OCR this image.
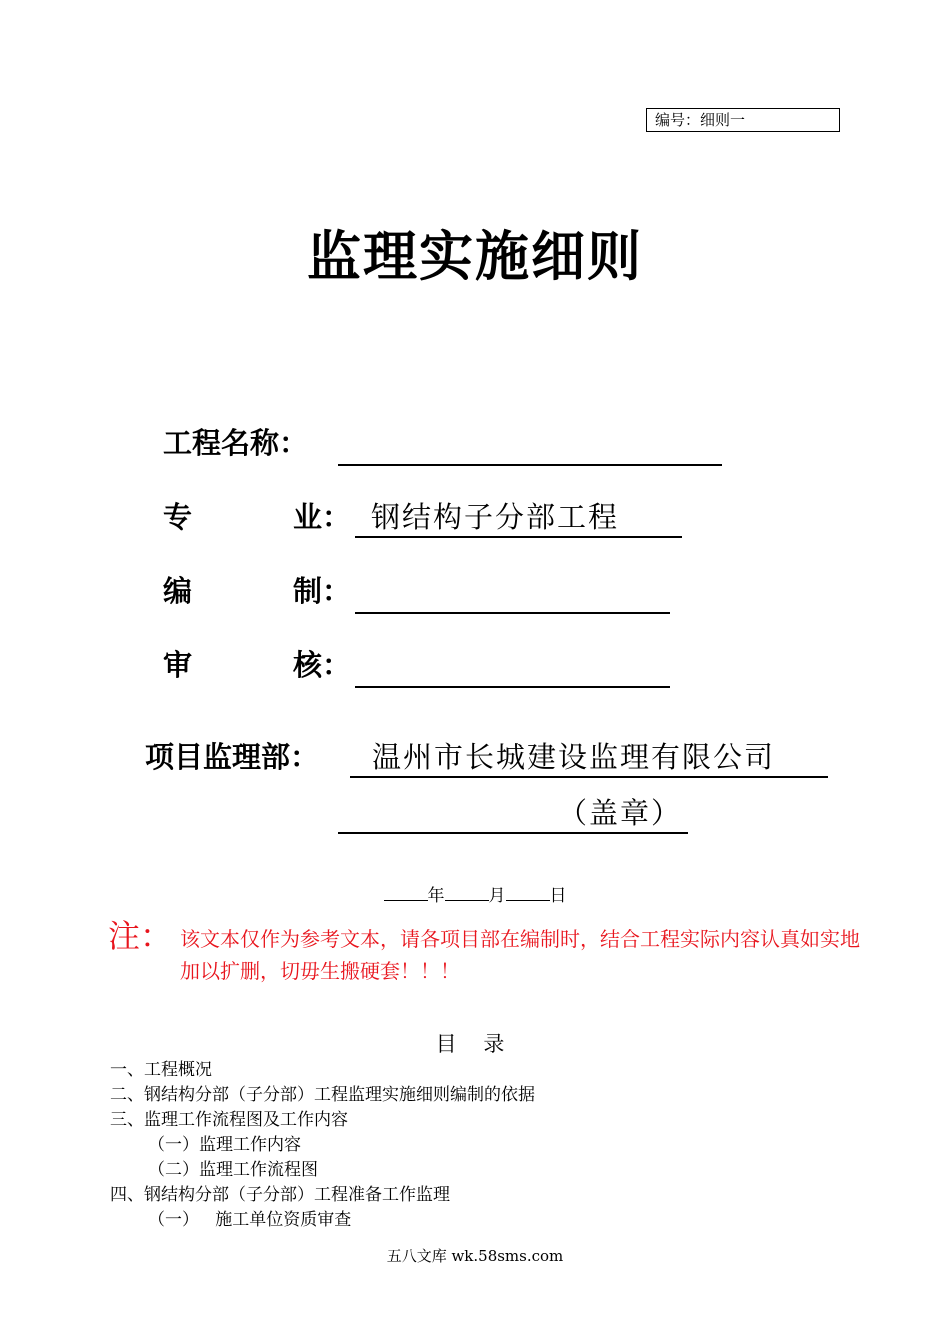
编号：细则一
监理实施细则
工程名称：
专          业： 钢结构子分部工程
编          制：
审          核：
项目监理部：	温州市长城建设监理有限公司
（盖章）
年	月	日
注： 该文本仅作为参考文本，请各项目部在编制时，结合工程实际内容认真如实地加以扩删，切毋生搬硬套！！！
目 录
一、工程概况
二、钢结构分部（子分部）工程监理实施细则编制的依据
三、监理工作流程图及工作内容
（一）监理工作内容
（二）监理工作流程图
四、钢结构分部（子分部）工程准备工作监理
（一）   施工单位资质审查
五八文库 wk.58sms.com
